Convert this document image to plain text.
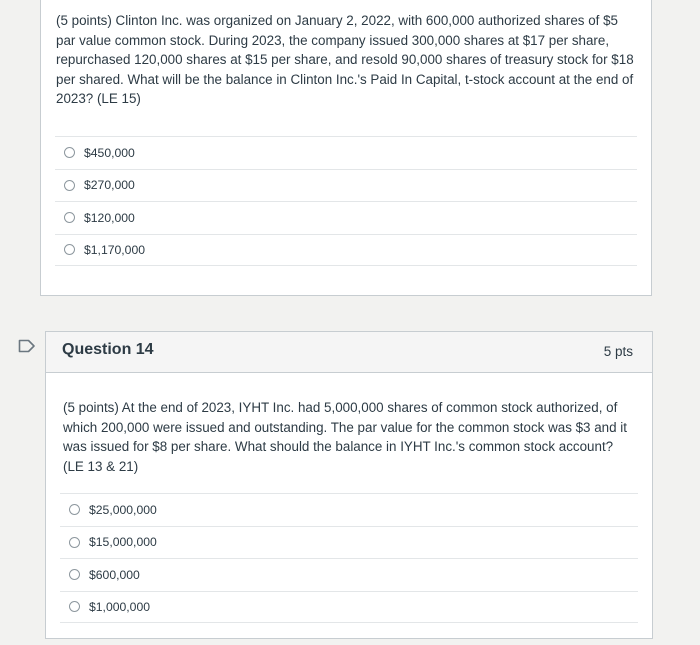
(5 points) Clinton Inc. was organized on January 2, 2022, with 600,000 authorized shares of $5 par value common stock. During 2023, the company issued 300,000 shares at $17 per share, repurchased 120,000 shares at $15 per share, and resold 90,000 shares of treasury stock for $18 per shared. What will be the balance in Clinton Inc.'s Paid In Capital, t-stock account at the end of 2023? (LE 15)
$450,000
$270,000
$120,000
$1,170,000
Question 14	5 pts
(5 points) At the end of 2023, IYHT Inc. had 5,000,000 shares of common stock authorized, of which 200,000 were issued and outstanding. The par value for the common stock was $3 and it was issued for $8 per share. What should the balance in IYHT Inc.'s common stock account? (LE 13 & 21)
$25,000,000
$15,000,000
$600,000
$1,000,000
